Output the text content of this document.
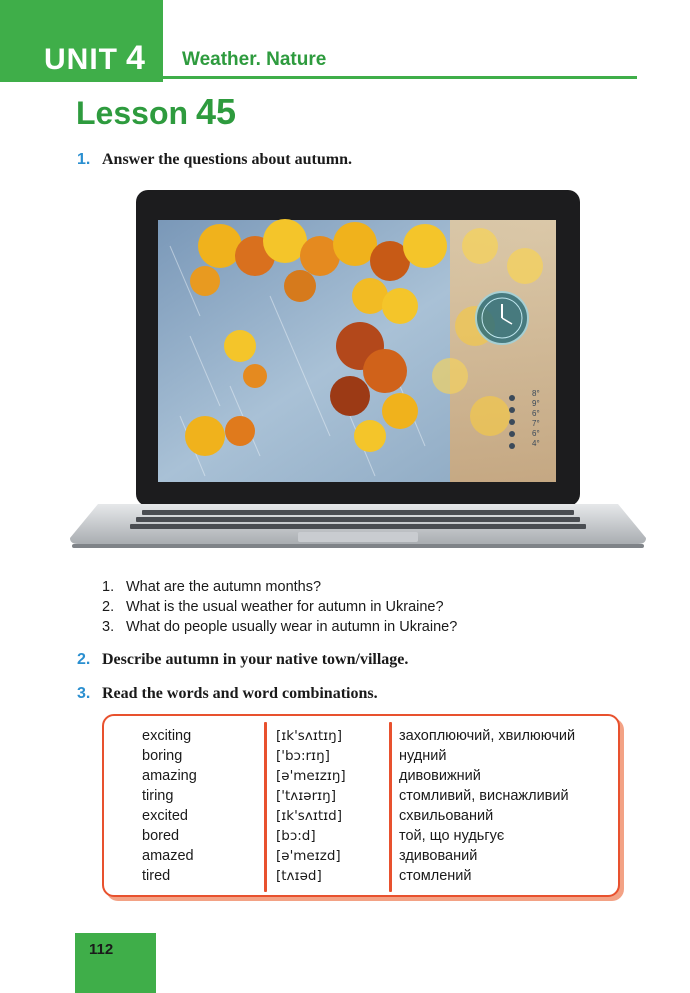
UNIT 4 Weather. Nature
Lesson 45
1. Answer the questions about autumn.
8°
9°
6°
7°
6°
4°
1. What are the autumn months?
2. What is the usual weather for autumn in Ukraine?
3. What do people usually wear in autumn in Ukraine?
2. Describe autumn in your native town/village.
3. Read the words and word combinations.
exciting
boring
amazing
tiring
excited
bored
amazed
tired
[ɪk'sʌɪtɪŋ]
['bɔ:rɪŋ]
[ə'meɪzɪŋ]
['tʌɪərɪŋ]
[ɪk'sʌɪtɪd]
[bɔ:d]
[ə'meɪzd]
[tʌɪəd]
захоплюючий, хвилюючий
нудний
дивовижний
стомливий, виснажливий
схвильований
той, що нудьгує
здивований
стомлений
112
